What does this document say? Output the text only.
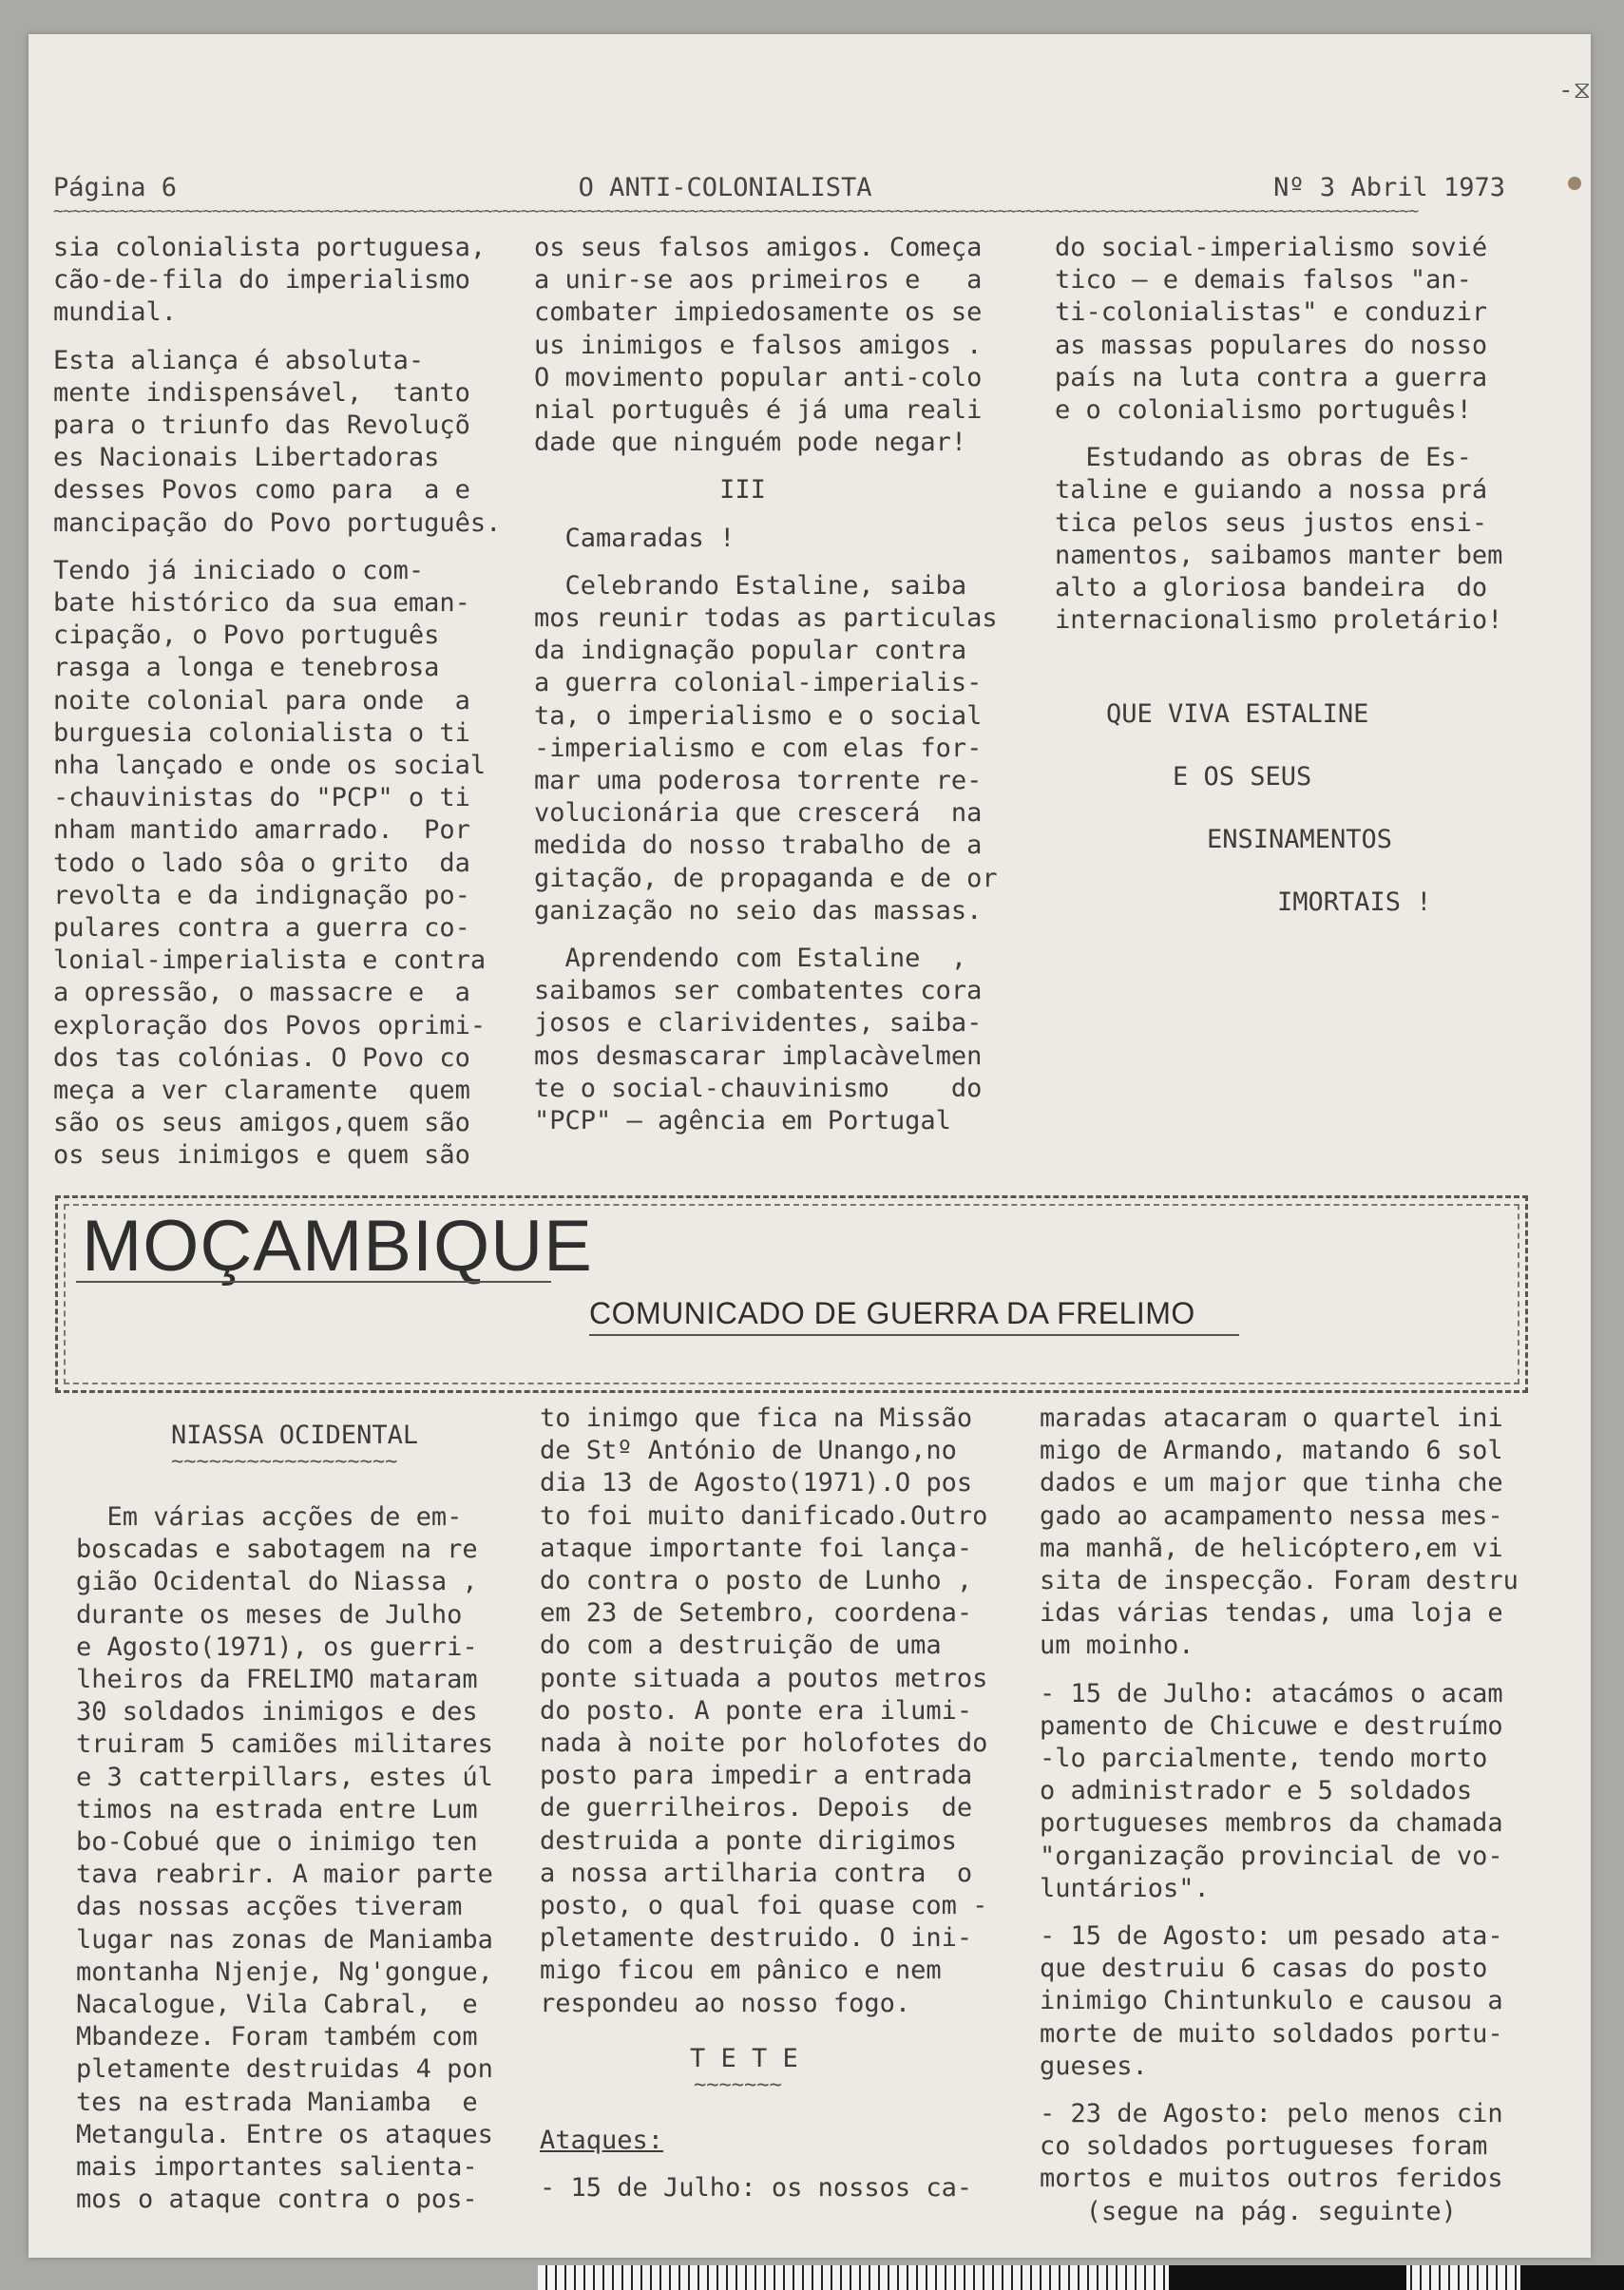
-⧖
Página 6	O ANTI-COLONIALISTA	Nº 3 Abril 1973
~~~~~~~~~~~~~~~~~~~~~~~~~~~~~~~~~~~~~~~~~~~~~~~~~~~~~~~~~~~~~~~~~~~~~~~~~~~~~~~~~~~~~~~~~~~~~~~~~~~~~~~~~~~~~~~~~~~~~~~~~~~~~~~~~~~~~~~~~~~~~~~~~~
sia colonialista portuguesa,
cão-de-fila do imperialismo
mundial.

Esta aliança é absoluta-
mente indispensável,  tanto
para o triunfo das Revoluçõ
es Nacionais Libertadoras
desses Povos como para  a e
mancipação do Povo português.

Tendo já iniciado o com-
bate histórico da sua eman-
cipação, o Povo português
rasga a longa e tenebrosa
noite colonial para onde  a
burguesia colonialista o ti
nha lançado e onde os social
-chauvinistas do "PCP" o ti
nham mantido amarrado.  Por
todo o lado sôa o grito  da
revolta e da indignação po-
pulares contra a guerra co-
lonial-imperialista e contra
a opressão, o massacre e  a
exploração dos Povos oprimi-
dos tas colónias. O Povo co
meça a ver claramente  quem
são os seus amigos,quem são
os seus inimigos e quem são
os seus falsos amigos. Começa
a unir-se aos primeiros e   a
combater impiedosamente os se
us inimigos e falsos amigos .
O movimento popular anti-colo
nial português é já uma reali
dade que ninguém pode negar!

III

Camaradas !

Celebrando Estaline, saiba
mos reunir todas as particulas
da indignação popular contra
a guerra colonial-imperialis-
ta, o imperialismo e o social
-imperialismo e com elas for-
mar uma poderosa torrente re-
volucionária que crescerá  na
medida do nosso trabalho de a
gitação, de propaganda e de or
ganização no seio das massas.

Aprendendo com Estaline  ,
saibamos ser combatentes cora
josos e clarividentes, saiba-
mos desmascarar implacàvelmen
te o social-chauvinismo    do
"PCP" — agência em Portugal
do social-imperialismo sovié
tico — e demais falsos "an-
ti-colonialistas" e conduzir
as massas populares do nosso
país na luta contra a guerra
e o colonialismo português!

Estudando as obras de Es-
taline e guiando a nossa prá
tica pelos seus justos ensi-
namentos, saibamos manter bem
alto a gloriosa bandeira  do
internacionalismo proletário!
QUE VIVA ESTALINE
E OS SEUS
ENSINAMENTOS
IMORTAIS !
MOÇAMBIQUE
COMUNICADO DE GUERRA DA FRELIMO
NIASSA OCIDENTAL
~~~~~~~~~~~~~~~~~~
Em várias acções de em-
boscadas e sabotagem na re
gião Ocidental do Niassa ,
durante os meses de Julho
e Agosto(1971), os guerri-
lheiros da FRELIMO mataram
30 soldados inimigos e des
truiram 5 camiões militares
e 3 catterpillars, estes úl
timos na estrada entre Lum
bo-Cobué que o inimigo ten
tava reabrir. A maior parte
das nossas acções tiveram
lugar nas zonas de Maniamba
montanha Njenje, Ng'gongue,
Nacalogue, Vila Cabral,  e
Mbandeze. Foram também com
pletamente destruidas 4 pon
tes na estrada Maniamba  e
Metangula. Entre os ataques
mais importantes salienta-
mos o ataque contra o pos-
to inimgo que fica na Missão
de Stº António de Unango,no
dia 13 de Agosto(1971).O pos
to foi muito danificado.Outro
ataque importante foi lança-
do contra o posto de Lunho ,
em 23 de Setembro, coordena-
do com a destruição de uma
ponte situada a poutos metros
do posto. A ponte era ilumi-
nada à noite por holofotes do
posto para impedir a entrada
de guerrilheiros. Depois  de
destruida a ponte dirigimos
a nossa artilharia contra  o
posto, o qual foi quase com -
pletamente destruido. O ini-
migo ficou em pânico e nem
respondeu ao nosso fogo.
T E T E
~~~~~~~
Ataques:
- 15 de Julho: os nossos ca-
maradas atacaram o quartel ini
migo de Armando, matando 6 sol
dados e um major que tinha che
gado ao acampamento nessa mes-
ma manhã, de helicóptero,em vi
sita de inspecção. Foram destru
idas várias tendas, uma loja e
um moinho.

- 15 de Julho: atacámos o acam
pamento de Chicuwe e destruímo
-lo parcialmente, tendo morto
o administrador e 5 soldados
portugueses membros da chamada
"organização provincial de vo-
luntários".

- 15 de Agosto: um pesado ata-
que destruiu 6 casas do posto
inimigo Chintunkulo e causou a
morte de muito soldados portu-
gueses.

- 23 de Agosto: pelo menos cin
co soldados portugueses foram
mortos e muitos outros feridos
(segue na pág. seguinte)
